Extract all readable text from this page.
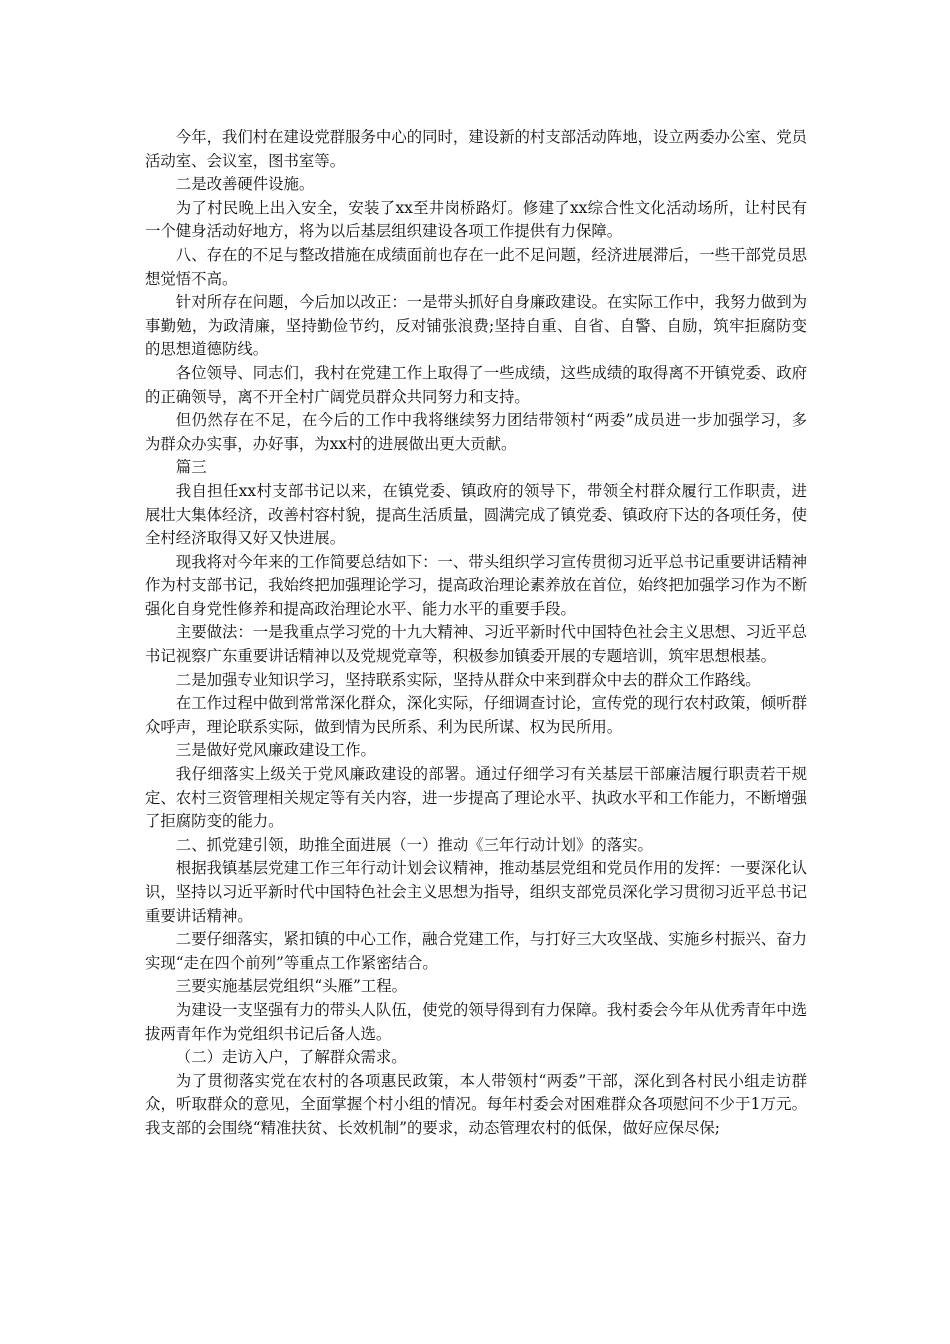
今年，我们村在建设党群服务中心的同时，建设新的村支部活动阵地，设立两委办公室、党员活动室、会议室，图书室等。

二是改善硬件设施。

为了村民晚上出入安全，安装了xx至井岗桥路灯。修建了xx综合性文化活动场所，让村民有一个健身活动好地方，将为以后基层组织建设各项工作提供有力保障。

八、存在的不足与整改措施在成绩面前也存在一此不足问题，经济进展滞后，一些干部党员思想觉悟不高。

针对所存在问题，今后加以改正：一是带头抓好自身廉政建设。在实际工作中，我努力做到为事勤勉，为政清廉，坚持勤俭节约，反对铺张浪费;坚持自重、自省、自警、自励，筑牢拒腐防变的思想道德防线。

各位领导、同志们，我村在党建工作上取得了一些成绩，这些成绩的取得离不开镇党委、政府的正确领导，离不开全村广阔党员群众共同努力和支持。

但仍然存在不足，在今后的工作中我将继续努力团结带领村“两委”成员进一步加强学习，多为群众办实事，办好事，为xx村的进展做出更大贡献。

篇三

我自担任xx村支部书记以来，在镇党委、镇政府的领导下，带领全村群众履行工作职责，进展壮大集体经济，改善村容村貌，提高生活质量，圆满完成了镇党委、镇政府下达的各项任务，使全村经济取得又好又快进展。

现我将对今年来的工作简要总结如下：一、带头组织学习宣传贯彻习近平总书记重要讲话精神作为村支部书记，我始终把加强理论学习，提高政治理论素养放在首位，始终把加强学习作为不断强化自身党性修养和提高政治理论水平、能力水平的重要手段。

主要做法：一是我重点学习党的十九大精神、习近平新时代中国特色社会主义思想、习近平总书记视察广东重要讲话精神以及党规党章等，积极参加镇委开展的专题培训，筑牢思想根基。

二是加强专业知识学习，坚持联系实际，坚持从群众中来到群众中去的群众工作路线。

在工作过程中做到常常深化群众，深化实际，仔细调查讨论，宣传党的现行农村政策，倾听群众呼声，理论联系实际，做到情为民所系、利为民所谋、权为民所用。

三是做好党风廉政建设工作。

我仔细落实上级关于党风廉政建设的部署。通过仔细学习有关基层干部廉洁履行职责若干规定、农村三资管理相关规定等有关内容，进一步提高了理论水平、执政水平和工作能力，不断增强了拒腐防变的能力。

二、抓党建引领，助推全面进展（一）推动《三年行动计划》的落实。

根据我镇基层党建工作三年行动计划会议精神，推动基层党组和党员作用的发挥：一要深化认识，坚持以习近平新时代中国特色社会主义思想为指导，组织支部党员深化学习贯彻习近平总书记重要讲话精神。

二要仔细落实，紧扣镇的中心工作，融合党建工作，与打好三大攻坚战、实施乡村振兴、奋力实现“走在四个前列”等重点工作紧密结合。

三要实施基层党组织“头雁”工程。

为建设一支坚强有力的带头人队伍，使党的领导得到有力保障。我村委会今年从优秀青年中选拔两青年作为党组织书记后备人选。

（二）走访入户，了解群众需求。

为了贯彻落实党在农村的各项惠民政策，本人带领村“两委”干部，深化到各村民小组走访群众，听取群众的意见，全面掌握个村小组的情况。每年村委会对困难群众各项慰问不少于1万元。我支部的会围绕“精准扶贫、长效机制”的要求，动态管理农村的低保，做好应保尽保;
